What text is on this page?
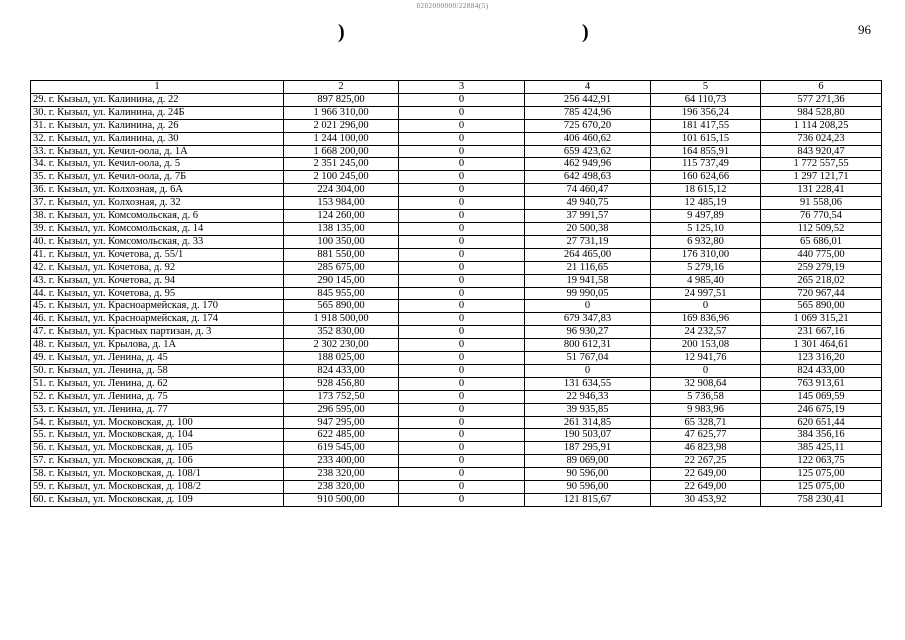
0202000000/22884(5)
)	)	96
1	2	3	4	5	6
29. г. Кызыл, ул. Калинина, д. 22	897 825,00	0	256 442,91	64 110,73	577 271,36
30. г. Кызыл, ул. Калинина, д. 24Б	1 966 310,00	0	785 424,96	196 356,24	984 528,80
31. г. Кызыл, ул. Калинина, д. 26	2 021 296,00	0	725 670,20	181 417,55	1 114 208,25
32. г. Кызыл, ул. Калинина, д. 30	1 244 100,00	0	406 460,62	101 615,15	736 024,23
33. г. Кызыл, ул. Кечил-оола, д. 1А	1 668 200,00	0	659 423,62	164 855,91	843 920,47
34. г. Кызыл, ул. Кечил-оола, д. 5	2 351 245,00	0	462 949,96	115 737,49	1 772 557,55
35. г. Кызыл, ул. Кечил-оола, д. 7Б	2 100 245,00	0	642 498,63	160 624,66	1 297 121,71
36. г. Кызыл, ул. Колхозная, д. 6А	224 304,00	0	74 460,47	18 615,12	131 228,41
37. г. Кызыл, ул. Колхозная, д. 32	153 984,00	0	49 940,75	12 485,19	91 558,06
38. г. Кызыл, ул. Комсомольская, д. 6	124 260,00	0	37 991,57	9 497,89	76 770,54
39. г. Кызыл, ул. Комсомольская, д. 14	138 135,00	0	20 500,38	5 125,10	112 509,52
40. г. Кызыл, ул. Комсомольская, д. 33	100 350,00	0	27 731,19	6 932,80	65 686,01
41. г. Кызыл, ул. Кочетова, д. 55/1	881 550,00	0	264 465,00	176 310,00	440 775,00
42. г. Кызыл, ул. Кочетова, д. 92	285 675,00	0	21 116,65	5 279,16	259 279,19
43. г. Кызыл, ул. Кочетова, д. 94	290 145,00	0	19 941,58	4 985,40	265 218,02
44. г. Кызыл, ул. Кочетова, д. 95	845 955,00	0	99 990,05	24 997,51	720 967,44
45. г. Кызыл, ул. Красноармейская, д. 170	565 890,00	0	0	0	565 890,00
46. г. Кызыл, ул. Красноармейская, д. 174	1 918 500,00	0	679 347,83	169 836,96	1 069 315,21
47. г. Кызыл, ул. Красных партизан, д. 3	352 830,00	0	96 930,27	24 232,57	231 667,16
48. г. Кызыл, ул. Крылова, д. 1А	2 302 230,00	0	800 612,31	200 153,08	1 301 464,61
49. г. Кызыл, ул. Ленина, д. 45	188 025,00	0	51 767,04	12 941,76	123 316,20
50. г. Кызыл, ул. Ленина, д. 58	824 433,00	0	0	0	824 433,00
51. г. Кызыл, ул. Ленина, д. 62	928 456,80	0	131 634,55	32 908,64	763 913,61
52. г. Кызыл, ул. Ленина, д. 75	173 752,50	0	22 946,33	5 736,58	145 069,59
53. г. Кызыл, ул. Ленина, д. 77	296 595,00	0	39 935,85	9 983,96	246 675,19
54. г. Кызыл, ул. Московская, д. 100	947 295,00	0	261 314,85	65 328,71	620 651,44
55. г. Кызыл, ул. Московская, д. 104	622 485,00	0	190 503,07	47 625,77	384 356,16
56. г. Кызыл, ул. Московская, д. 105	619 545,00	0	187 295,91	46 823,98	385 425,11
57. г. Кызыл, ул. Московская, д. 106	233 400,00	0	89 069,00	22 267,25	122 063,75
58. г. Кызыл, ул. Московская, д. 108/1	238 320,00	0	90 596,00	22 649,00	125 075,00
59. г. Кызыл, ул. Московская, д. 108/2	238 320,00	0	90 596,00	22 649,00	125 075,00
60. г. Кызыл, ул. Московская, д. 109	910 500,00	0	121 815,67	30 453,92	758 230,41
